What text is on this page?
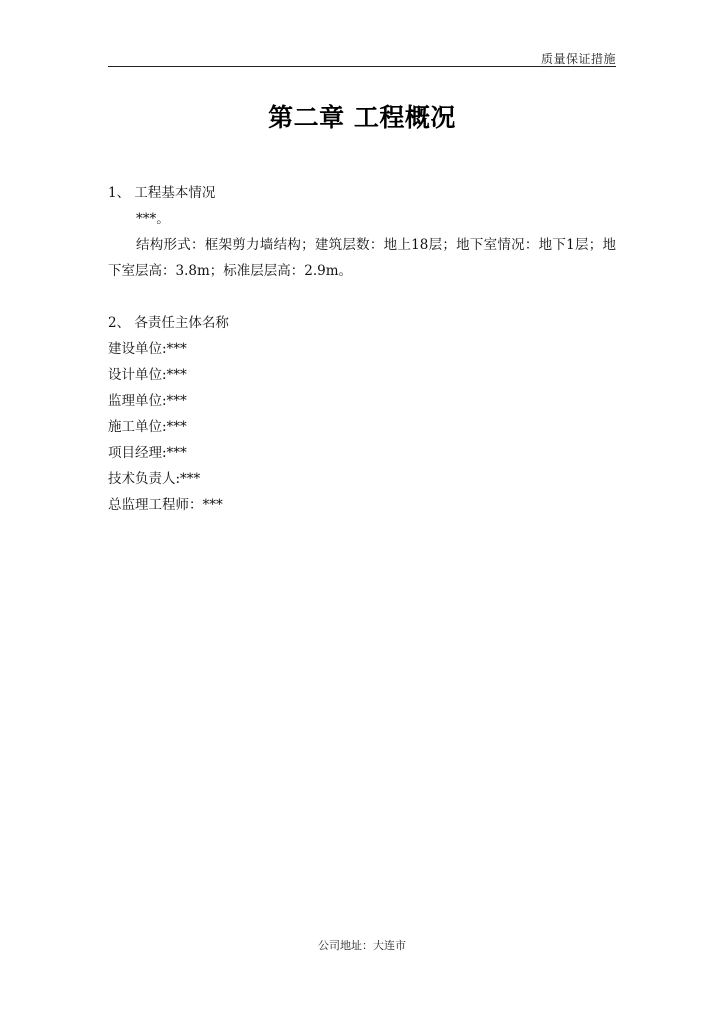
质量保证措施
第二章 工程概况
1、 工程基本情况
***。
结构形式：框架剪力墙结构；建筑层数：地上18层；地下室情况：地下1层；地下室层高：3.8m；标准层层高：2.9m。
2、 各责任主体名称
建设单位:***
设计单位:***
监理单位:***
施工单位:***
项目经理:***
技术负责人:***
总监理工程师：***
公司地址：大连市
